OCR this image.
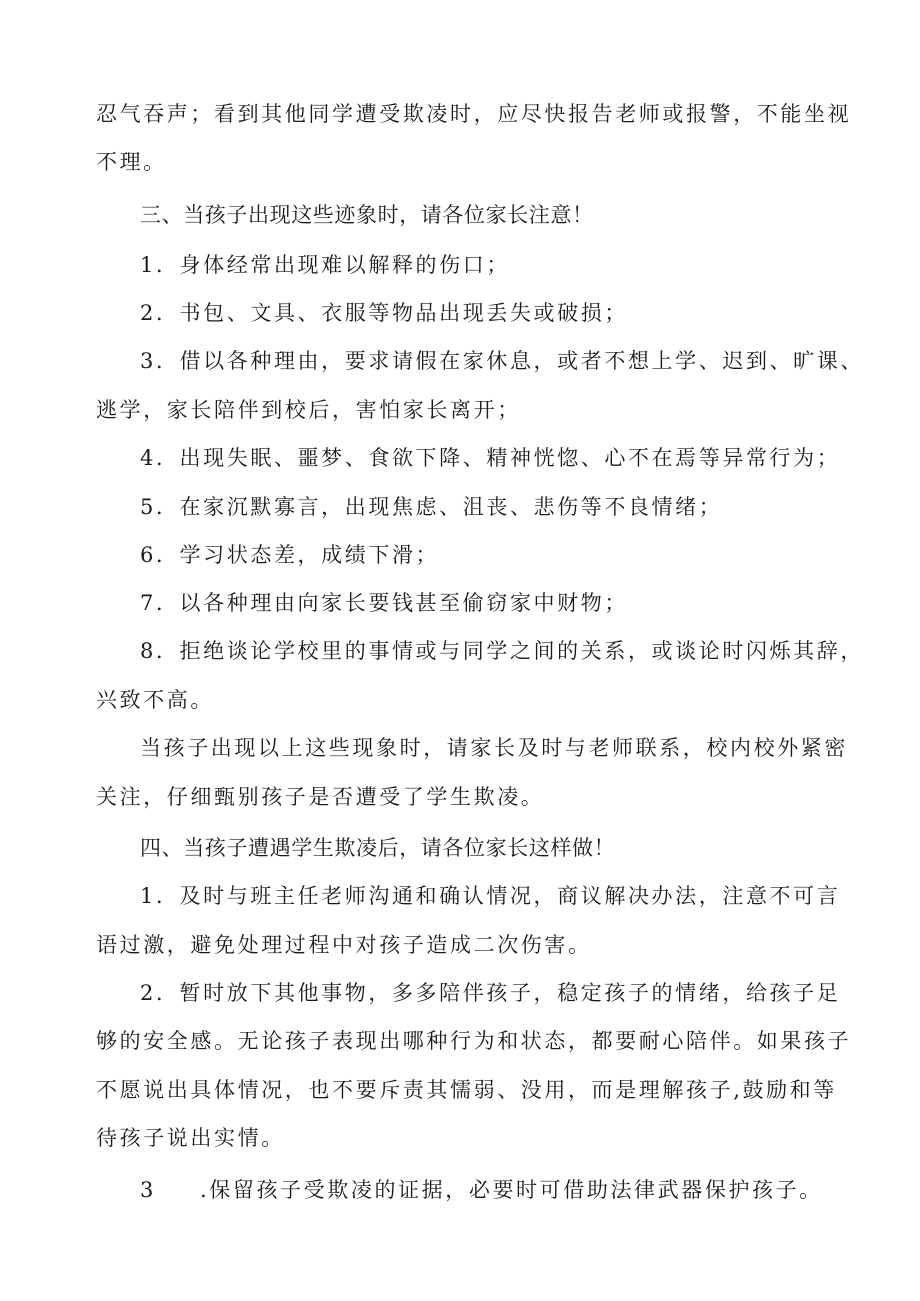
忍气吞声；看到其他同学遭受欺凌时，应尽快报告老师或报警，不能坐视
不理。
三、当孩子出现这些迹象时，请各位家长注意！
1．身体经常出现难以解释的伤口；
2．书包、文具、衣服等物品出现丢失或破损；
3．借以各种理由，要求请假在家休息，或者不想上学、迟到、旷课、
逃学，家长陪伴到校后，害怕家长离开；
4．出现失眠、噩梦、食欲下降、精神恍惚、心不在焉等异常行为；
5．在家沉默寡言，出现焦虑、沮丧、悲伤等不良情绪；
6．学习状态差，成绩下滑；
7．以各种理由向家长要钱甚至偷窃家中财物；
8．拒绝谈论学校里的事情或与同学之间的关系，或谈论时闪烁其辞，
兴致不高。
当孩子出现以上这些现象时，请家长及时与老师联系，校内校外紧密
关注，仔细甄别孩子是否遭受了学生欺凌。
四、当孩子遭遇学生欺凌后，请各位家长这样做！
1．及时与班主任老师沟通和确认情况，商议解决办法，注意不可言
语过激，避免处理过程中对孩子造成二次伤害。
2．暂时放下其他事物，多多陪伴孩子，稳定孩子的情绪，给孩子足
够的安全感。无论孩子表现出哪种行为和状态，都要耐心陪伴。如果孩子
不愿说出具体情况，也不要斥责其懦弱、没用，而是理解孩子,鼓励和等
待孩子说出实情。
3 .保留孩子受欺凌的证据，必要时可借助法律武器保护孩子。
